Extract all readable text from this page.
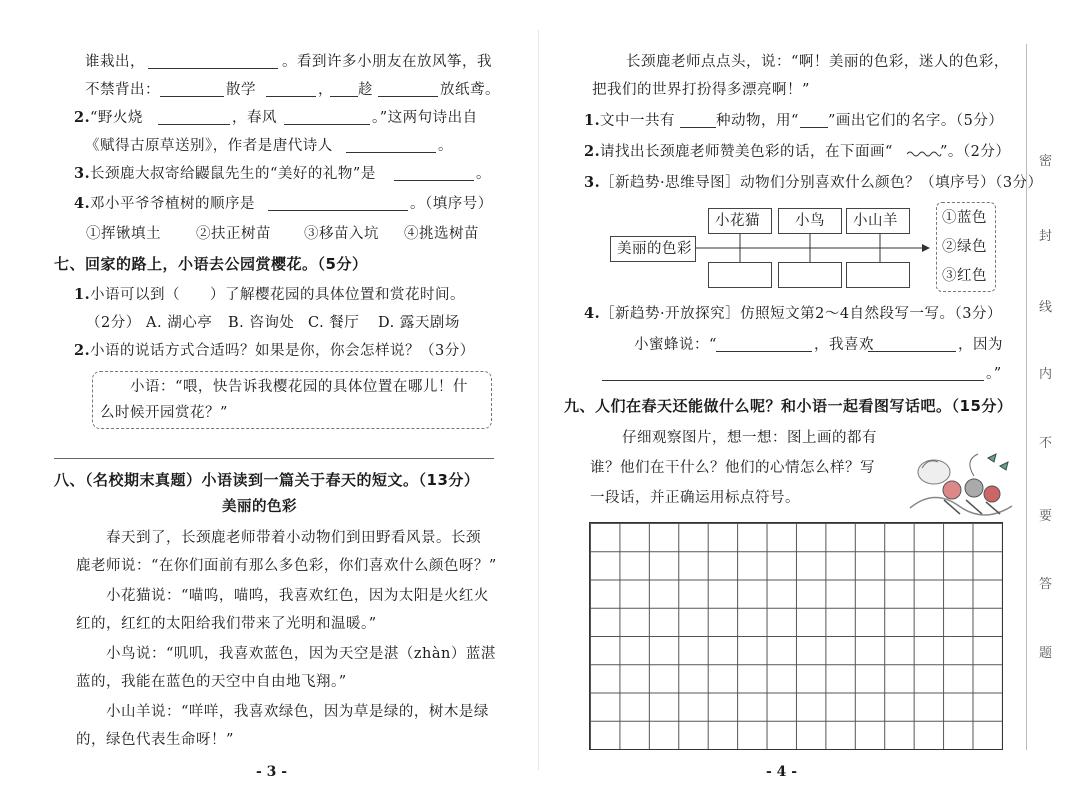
谁栽出，	。看到许多小朋友在放风筝，我
不禁背出：	散学	， 趁	放纸鸢。
2. “野火烧	，春风	。”这两句诗出自
《赋得古原草送别》，作者是唐代诗人	。
3. 长颈鹿大叔寄给鼹鼠先生的“美好的礼物”是	。
4. 邓小平爷爷植树的顺序是	。（填序号）
①挥锹填土 ②扶正树苗 ③移苗入坑 ④挑选树苗
七、回家的路上，小语去公园赏樱花。（5分）
1. 小语可以到（　　）了解樱花园的具体位置和赏花时间。
（2分） A. 湖心亭 B. 咨询处 C. 餐厅 D. 露天剧场
2. 小语的说话方式合适吗？如果是你，你会怎样说？（3分）
小语：“喂，快告诉我樱花园的具体位置在哪儿！什
么时候开园赏花？”
八、（名校期末真题）小语读到一篇关于春天的短文。（13分）
美丽的色彩
春天到了，长颈鹿老师带着小动物们到田野看风景。长颈
鹿老师说：“在你们面前有那么多色彩，你们喜欢什么颜色呀？”
小花猫说：“喵呜，喵呜，我喜欢红色，因为太阳是火红火
红的，红红的太阳给我们带来了光明和温暖。”
小鸟说：“叽叽，我喜欢蓝色，因为天空是湛（zhàn）蓝湛
蓝的，我能在蓝色的天空中自由地飞翔。”
小山羊说：“咩咩，我喜欢绿色，因为草是绿的，树木是绿
的，绿色代表生命呀！”
- 3 -
长颈鹿老师点点头，说：“啊！美丽的色彩，迷人的色彩，
把我们的世界打扮得多漂亮啊！”
1. 文中一共有	种动物，用“ ”画出它们的名字。（5分）
2. 请找出长颈鹿老师赞美色彩的话，在下面画“	”。（2分）
3. ［新趋势·思维导图］动物们分别喜欢什么颜色？（填序号）（3分）
美丽的色彩
小花猫 小鸟 小山羊	①蓝色
②绿色
③红色
4. ［新趋势·开放探究］仿照短文第2～4自然段写一写。（3分）
小蜜蜂说：“	，我喜欢	，因为
。”
九、人们在春天还能做什么呢？和小语一起看图写话吧。（15分）
仔细观察图片，想一想：图上画的都有
谁？他们在干什么？他们的心情怎么样？写
一段话，并正确运用标点符号。
- 4 -
密
封
线
内
不
要
答
题
